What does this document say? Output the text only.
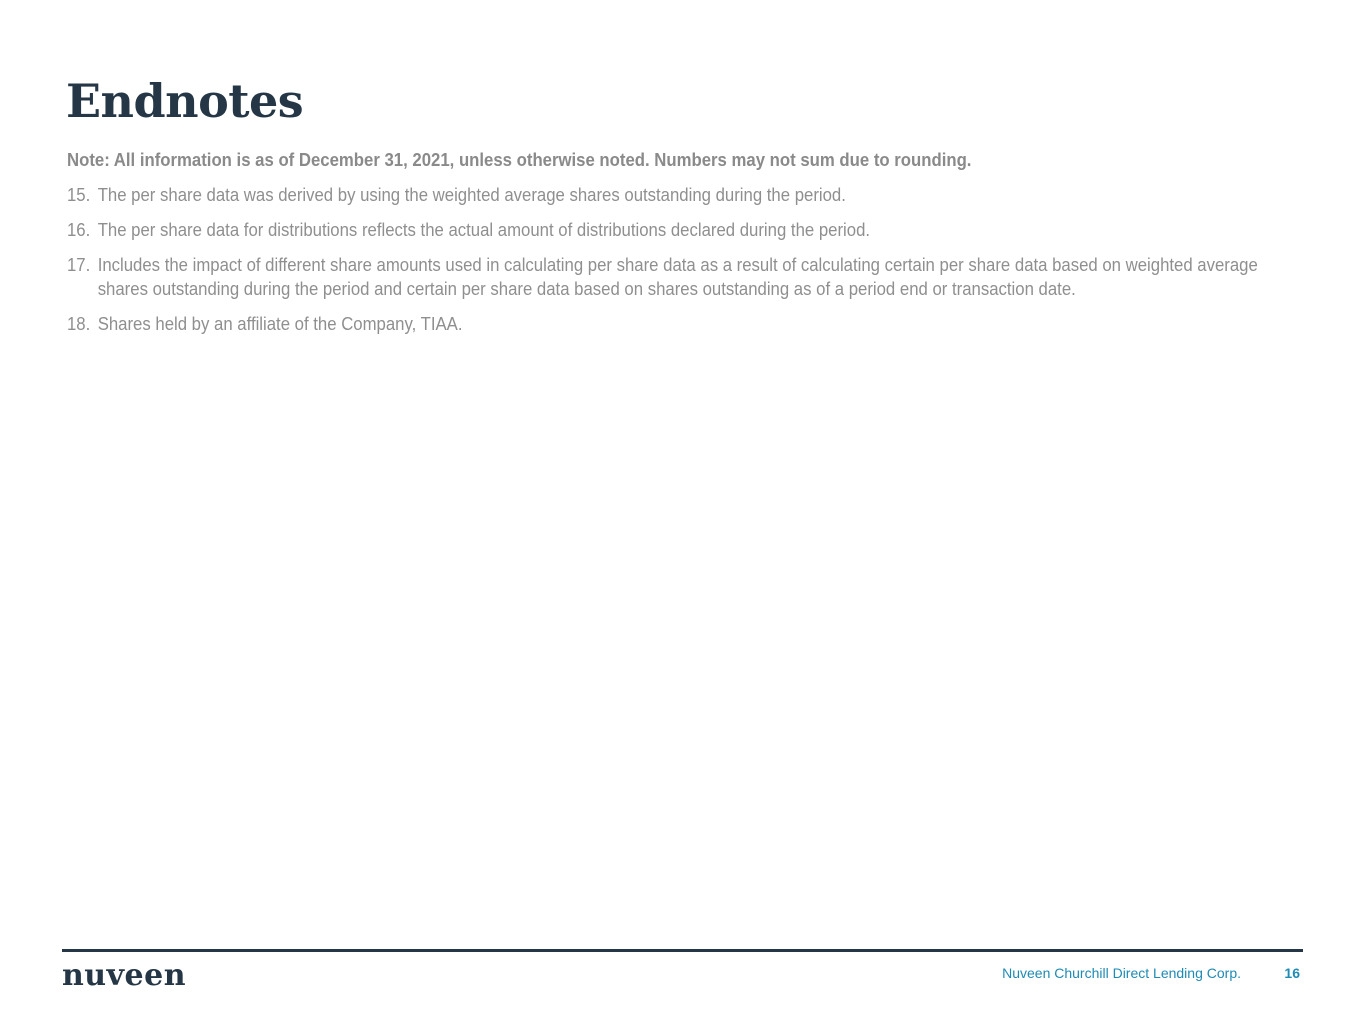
Endnotes

Note: All information is as of December 31, 2021, unless otherwise noted. Numbers may not sum due to rounding.

15. The per share data was derived by using the weighted average shares outstanding during the period.
16. The per share data for distributions reflects the actual amount of distributions declared during the period.
17. Includes the impact of different share amounts used in calculating per share data as a result of calculating certain per share data based on weighted average shares outstanding during the period and certain per share data based on shares outstanding as of a period end or transaction date.
18. Shares held by an affiliate of the Company, TIAA.
nuveen	Nuveen Churchill Direct Lending Corp.	16
